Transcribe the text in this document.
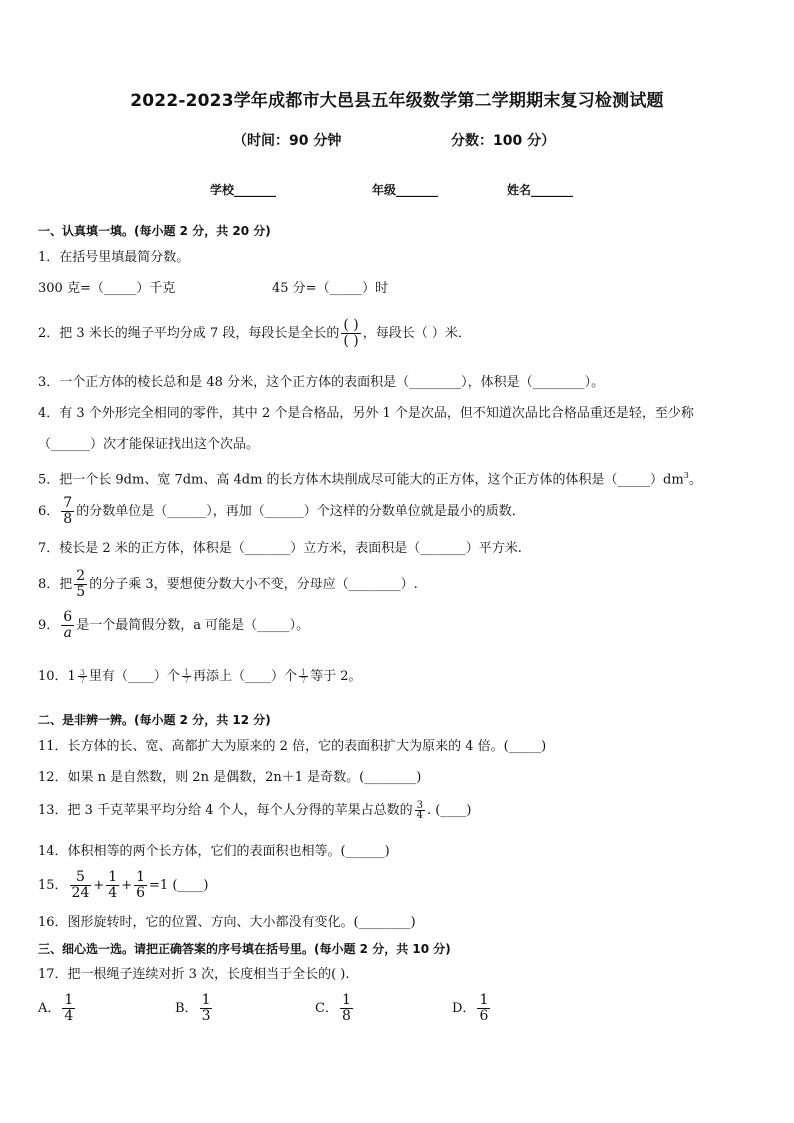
2022-2023学年成都市大邑县五年级数学第二学期期末复习检测试题
（时间：90 分钟	分数：100 分）
学校_______	年级_______	姓名_______
一、认真填一填。(每小题 2 分，共 20 分)
1．在括号里填最简分数。
300 克=（_____）千克	45 分=（_____）时
2．把 3 米长的绳子平均分成 7 段，每段长是全长的 $\frac{( )}{( )}$ ，每段长（ ）米．
3．一个正方体的棱长总和是 48 分米，这个正方体的表面积是（________），体积是（________）。
4．有 3 个外形完全相同的零件，其中 2 个是合格品，另外 1 个是次品，但不知道次品比合格品重还是轻，至少称
（______）次才能保证找出这个次品。
5．把一个长 9dm、宽 7dm、高 4dm 的长方体木块削成尽可能大的正方体，这个正方体的体积是$(\_\_\_\_\_)dm^3$。
6． $\frac{7}{8}$ 的分数单位是（______），再加（______）个这样的分数单位就是最小的质数．
7．棱长是 2 米的正方体，体积是（_______）立方米，表面积是（_______）平方米.
8．把 $\frac{2}{5}$ 的分子乘 3，要想使分数大小不变，分母应（________）.
9． $\frac{6}{a}$ 是一个最简假分数，a 可能是（_____）。
10．$1 \frac{3}{7}$ 里有（____）个 $\frac{1}{7}$ 再添上（____）个 $\frac{1}{7}$ 等于 2。
二、是非辨一辨。(每小题 2 分，共 12 分)
11．长方体的长、宽、高都扩大为原来的 2 倍，它的表面积扩大为原来的 4 倍。(_____)
12．如果 n 是自然数，则 2n 是偶数，2n＋1 是奇数。(________)
13．把 3 千克苹果平均分给 4 个人，每个人分得的苹果占总数的 $\frac{3}{4}$ . (____)
14．体积相等的两个长方体，它们的表面积也相等。(______)
15． $\frac{5}{24} + \frac{1}{4} + \frac{1}{6} =1$ (____)
16．图形旋转时，它的位置、方向、大小都没有变化。(________)
三、细心选一选。请把正确答案的序号填在括号里。(每小题 2 分，共 10 分)
17．把一根绳子连续对折 3 次，长度相当于全长的( ).
A． $\frac{1}{4}$	B． $\frac{1}{3}$	C． $\frac{1}{8}$	D． $\frac{1}{6}$
